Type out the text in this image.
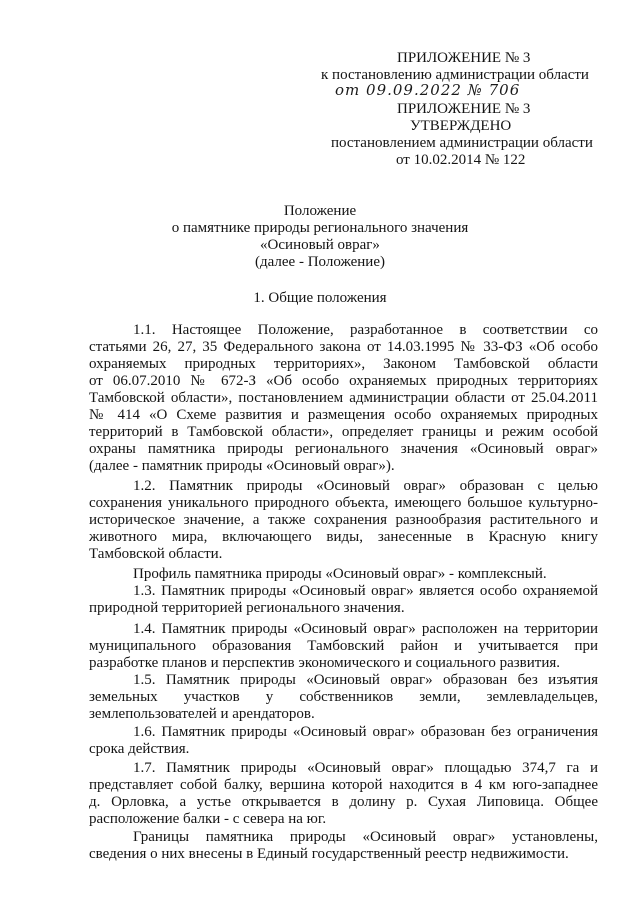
ПРИЛОЖЕНИЕ № 3
к постановлению администрации области
от 09.09.2022 № 706
ПРИЛОЖЕНИЕ № 3
УТВЕРЖДЕНО
постановлением администрации области
от 10.02.2014 № 122
Положение
о памятнике природы регионального значения
«Осиновый овраг»
(далее - Положение)
1. Общие положения
1.1. Настоящее Положение, разработанное в соответствии со
статьями 26, 27, 35 Федерального закона от 14.03.1995 № 33-ФЗ «Об особо
охраняемых природных территориях», Законом Тамбовской области
от 06.07.2010 № 672-З «Об особо охраняемых природных территориях
Тамбовской области», постановлением администрации области от 25.04.2011
№ 414 «О Схеме развития и размещения особо охраняемых природных
территорий в Тамбовской области», определяет границы и режим особой
охраны памятника природы регионального значения «Осиновый овраг»
(далее - памятник природы «Осиновый овраг»).
1.2. Памятник природы «Осиновый овраг» образован с целью
сохранения уникального природного объекта, имеющего большое культурно-
историческое значение, а также сохранения разнообразия растительного и
животного мира, включающего виды, занесенные в Красную книгу
Тамбовской области.
Профиль памятника природы «Осиновый овраг» - комплексный.
1.3. Памятник природы «Осиновый овраг» является особо охраняемой
природной территорией регионального значения.
1.4. Памятник природы «Осиновый овраг» расположен на территории
муниципального образования Тамбовский район и учитывается при
разработке планов и перспектив экономического и социального развития.
1.5. Памятник природы «Осиновый овраг» образован без изъятия
земельных участков у собственников земли, землевладельцев,
землепользователей и арендаторов.
1.6. Памятник природы «Осиновый овраг» образован без ограничения
срока действия.
1.7. Памятник природы «Осиновый овраг» площадью 374,7 га и
представляет собой балку, вершина которой находится в 4 км юго-западнее
д. Орловка, а устье открывается в долину р. Сухая Липовица. Общее
расположение балки - с севера на юг.
Границы памятника природы «Осиновый овраг» установлены,
сведения о них внесены в Единый государственный реестр недвижимости.
